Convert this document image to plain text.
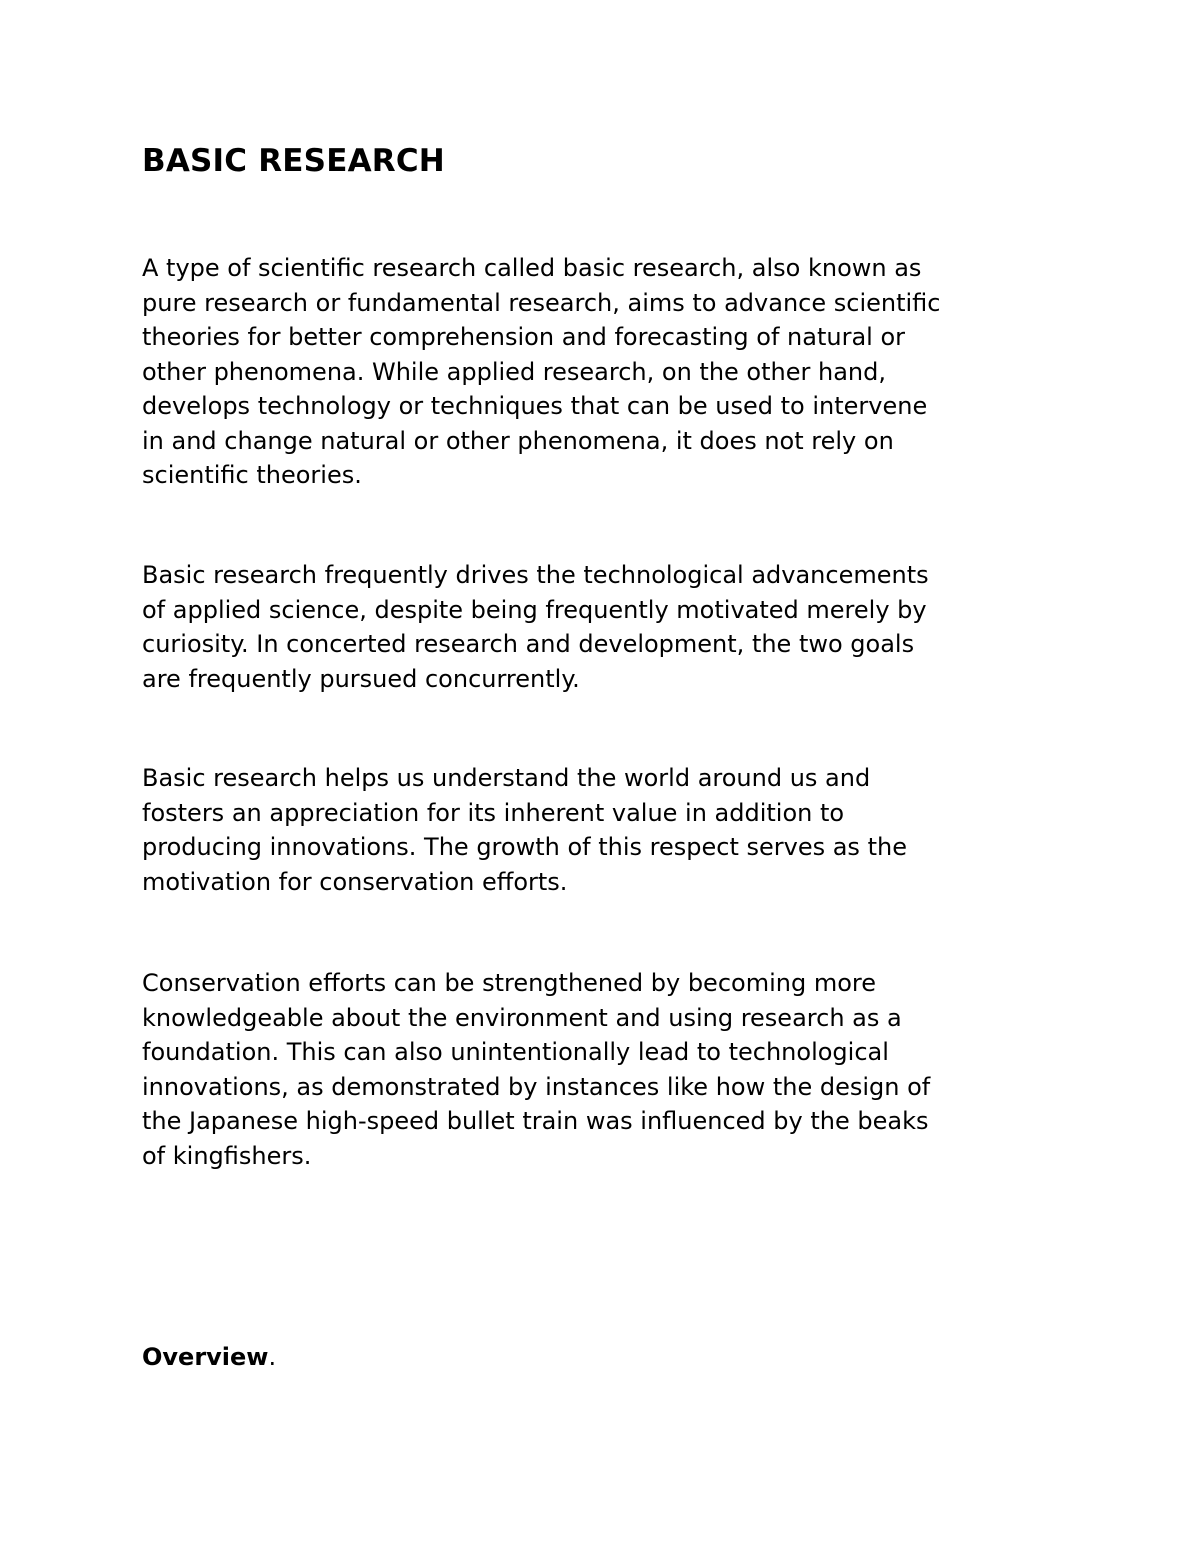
BASIC RESEARCH

A type of scientific research called basic research, also known as
pure research or fundamental research, aims to advance scientific
theories for better comprehension and forecasting of natural or
other phenomena. While applied research, on the other hand,
develops technology or techniques that can be used to intervene
in and change natural or other phenomena, it does not rely on
scientific theories.

Basic research frequently drives the technological advancements
of applied science, despite being frequently motivated merely by
curiosity. In concerted research and development, the two goals
are frequently pursued concurrently.

Basic research helps us understand the world around us and
fosters an appreciation for its inherent value in addition to
producing innovations. The growth of this respect serves as the
motivation for conservation efforts.

Conservation efforts can be strengthened by becoming more
knowledgeable about the environment and using research as a
foundation. This can also unintentionally lead to technological
innovations, as demonstrated by instances like how the design of
the Japanese high-speed bullet train was influenced by the beaks
of kingfishers.

Overview.
